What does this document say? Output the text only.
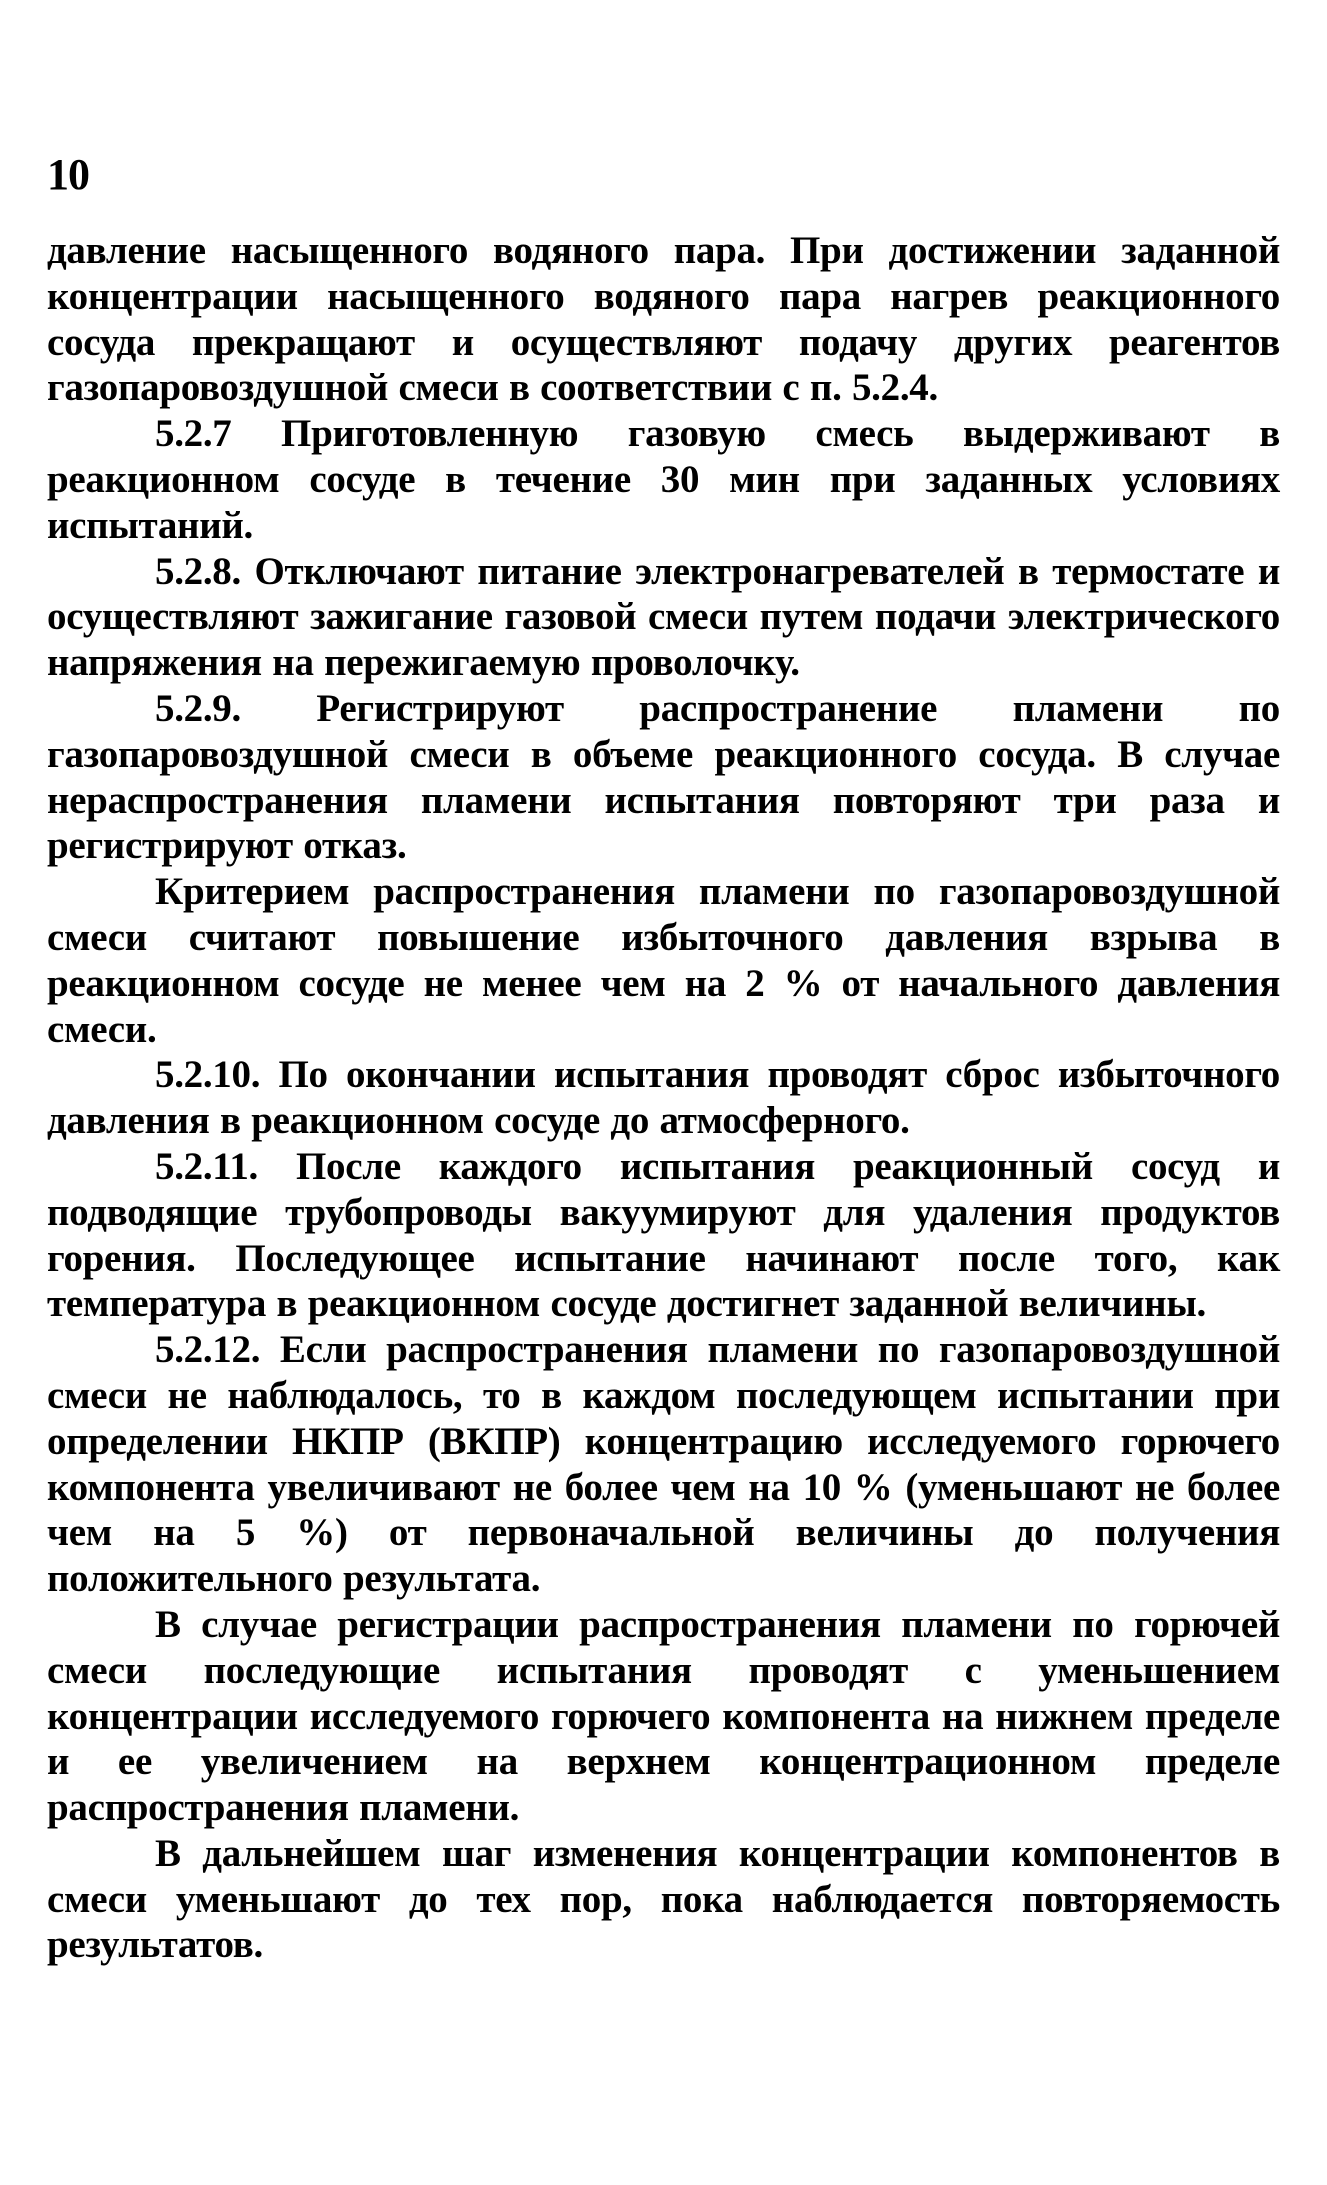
10

давление насыщенного водяного пара. При достижении заданной концентрации насыщенного водяного пара нагрев реакционного сосуда прекращают и осуществляют подачу других реагентов газопаровоздушной смеси в соответствии с п. 5.2.4.

5.2.7 Приготовленную газовую смесь выдерживают в реакционном сосуде в течение 30 мин при заданных условиях испытаний.

5.2.8. Отключают питание электронагревателей в термостате и осуществляют зажигание газовой смеси путем подачи электрического напряжения на пережигаемую проволочку.

5.2.9. Регистрируют распространение пламени по газопаровоздушной смеси в объеме реакционного сосуда. В случае нераспространения пламени испытания повторяют три раза и регистрируют отказ.

Критерием распространения пламени по газопаровоздушной смеси считают повышение избыточного давления взрыва в реакционном сосуде не менее чем на 2 % от начального давления смеси.

5.2.10. По окончании испытания проводят сброс избыточного давления в реакционном сосуде до атмосферного.

5.2.11. После каждого испытания реакционный сосуд и подводящие трубопроводы вакуумируют для удаления продуктов горения. Последующее испытание начинают после того, как температура в реакционном сосуде достигнет заданной величины.

5.2.12. Если распространения пламени по газопаровоздушной смеси не наблюдалось, то в каждом последующем испытании при определении НКПР (ВКПР) концентрацию исследуемого горючего компонента увеличивают не более чем на 10 % (уменьшают не более чем на 5 %) от первоначальной величины до получения положительного результата.

В случае регистрации распространения пламени по горючей смеси последующие испытания проводят с уменьшением концентрации исследуемого горючего компонента на нижнем пределе и ее увеличением на верхнем концентрационном пределе распространения пламени.

В дальнейшем шаг изменения концентрации компонентов в смеси уменьшают до тех пор, пока наблюдается повторяемость результатов.
